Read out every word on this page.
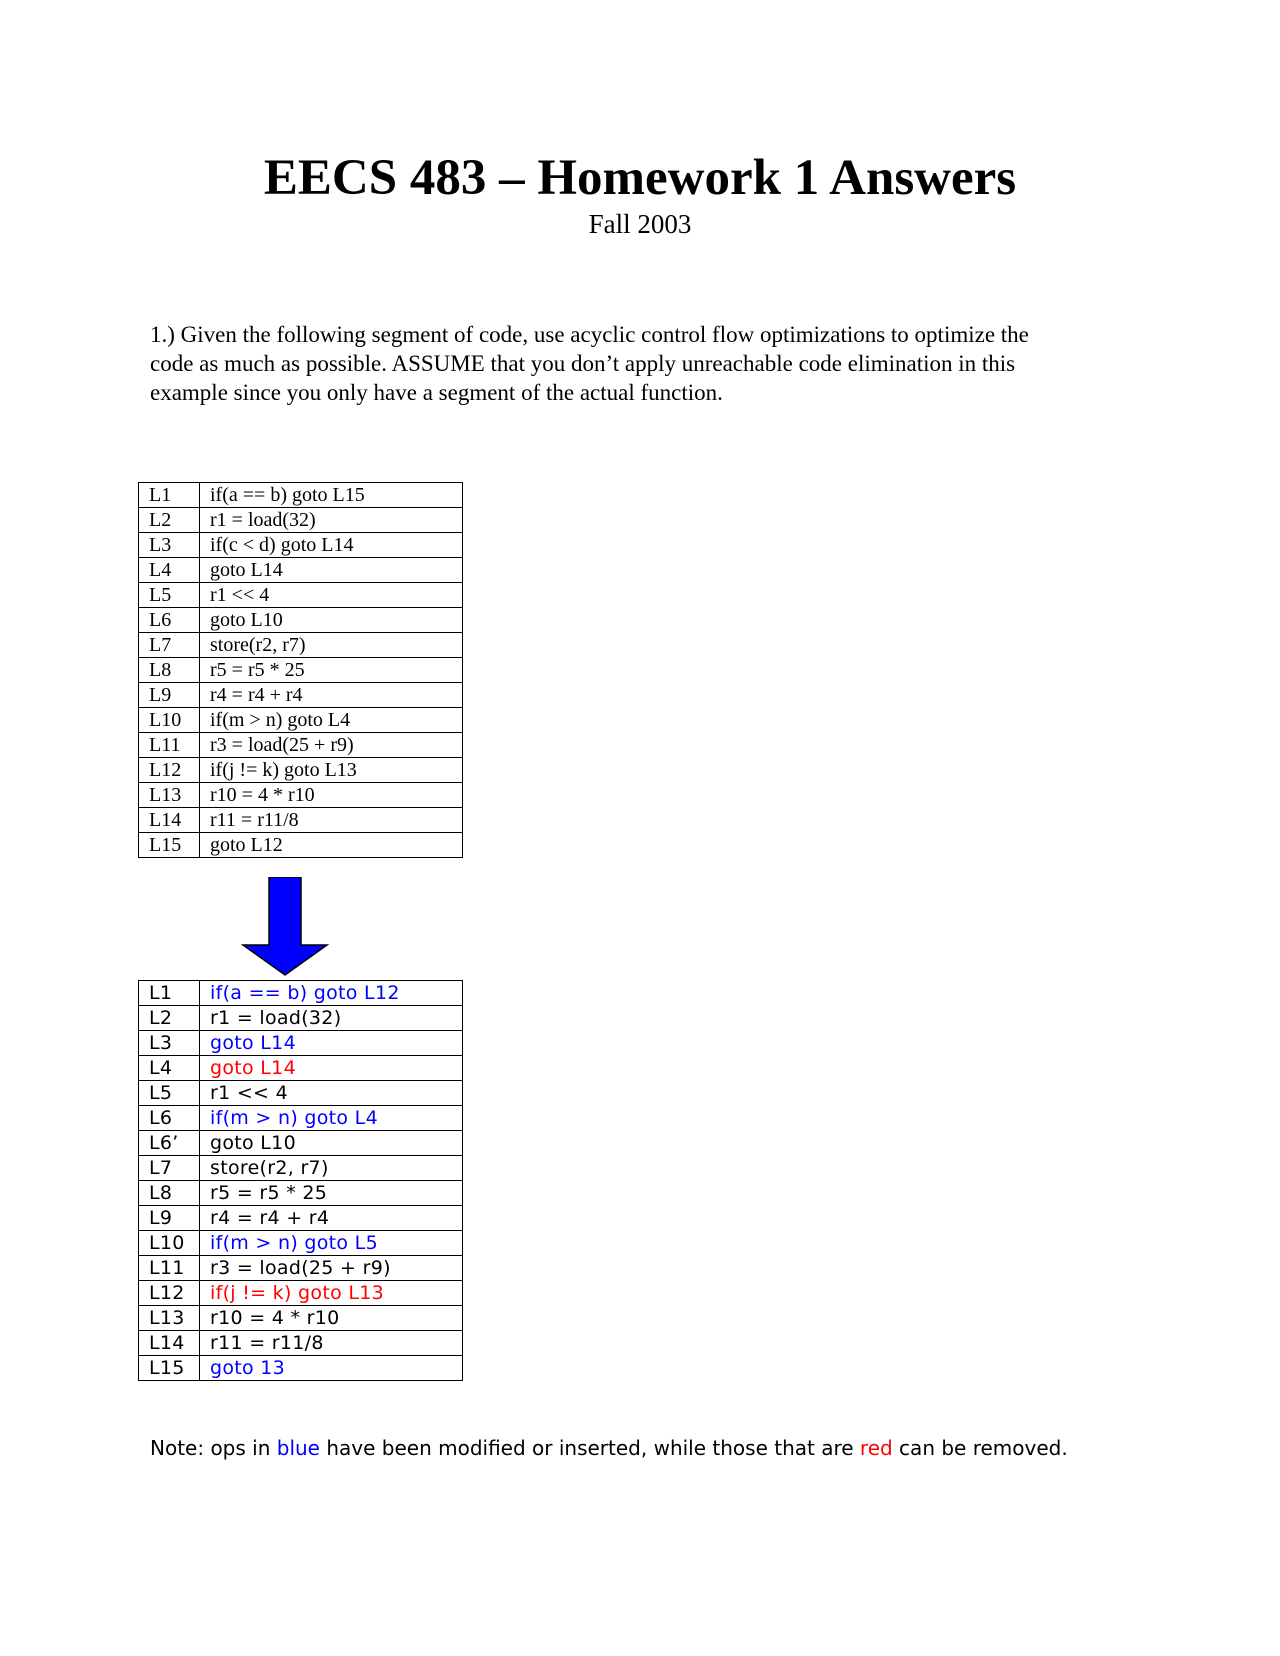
EECS 483 – Homework 1 Answers
Fall 2003
1.) Given the following segment of code, use acyclic control flow optimizations to optimize the
code as much as possible. ASSUME that you don’t apply unreachable code elimination in this
example since you only have a segment of the actual function.
L1	if(a == b) goto L15
L2	r1 = load(32)
L3	if(c < d) goto L14
L4	goto L14
L5	r1 << 4
L6	goto L10
L7	store(r2, r7)
L8	r5 = r5 * 25
L9	r4 = r4 + r4
L10	if(m > n) goto L4
L11	r3 = load(25 + r9)
L12	if(j != k) goto L13
L13	r10 = 4 * r10
L14	r11 = r11/8
L15	goto L12
L1	if(a == b) goto L12
L2	r1 = load(32)
L3	goto L14
L4	goto L14
L5	r1 << 4
L6	if(m > n) goto L4
L6’	goto L10
L7	store(r2, r7)
L8	r5 = r5 * 25
L9	r4 = r4 + r4
L10	if(m > n) goto L5
L11	r3 = load(25 + r9)
L12	if(j != k) goto L13
L13	r10 = 4 * r10
L14	r11 = r11/8
L15	goto 13
Note: ops in blue have been modified or inserted, while those that are red can be removed.
